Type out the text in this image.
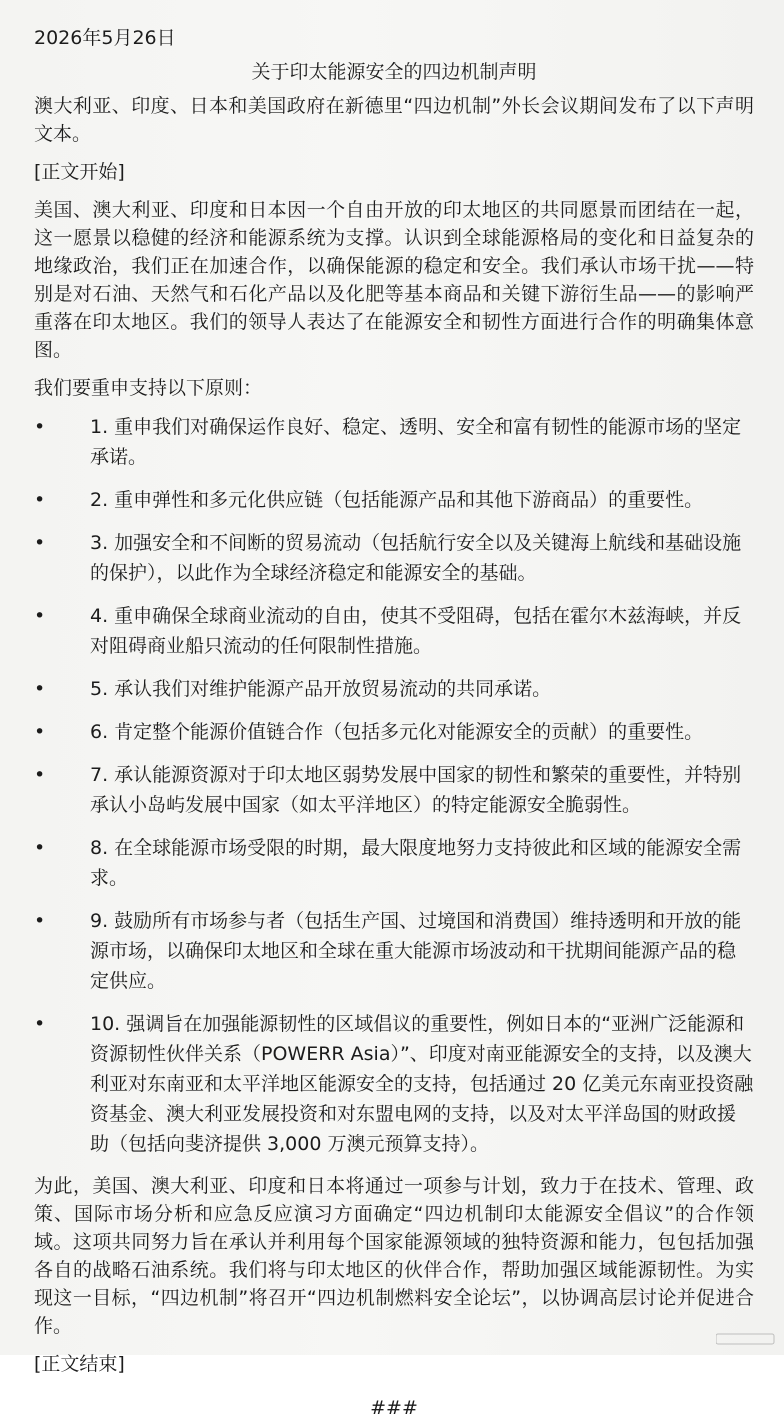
2026年5月26日
关于印太能源安全的四边机制声明

澳大利亚、印度、日本和美国政府在新德里“四边机制”外长会议期间发布了以下声明文本。

[正文开始]

美国、澳大利亚、印度和日本因一个自由开放的印太地区的共同愿景而团结在一起，这一愿景以稳健的经济和能源系统为支撑。认识到全球能源格局的变化和日益复杂的地缘政治，我们正在加速合作，以确保能源的稳定和安全。我们承认市场干扰——特别是对石油、天然气和石化产品以及化肥等基本商品和关键下游衍生品——的影响严重落在印太地区。我们的领导人表达了在能源安全和韧性方面进行合作的明确集体意图。

我们要重申支持以下原则：

•	1. 重申我们对确保运作良好、稳定、透明、安全和富有韧性的能源市场的坚定承诺。
•	2. 重申弹性和多元化供应链（包括能源产品和其他下游商品）的重要性。
•	3. 加强安全和不间断的贸易流动（包括航行安全以及关键海上航线和基础设施的保护），以此作为全球经济稳定和能源安全的基础。
•	4. 重申确保全球商业流动的自由，使其不受阻碍，包括在霍尔木兹海峡，并反对阻碍商业船只流动的任何限制性措施。
•	5. 承认我们对维护能源产品开放贸易流动的共同承诺。
•	6. 肯定整个能源价值链合作（包括多元化对能源安全的贡献）的重要性。
•	7. 承认能源资源对于印太地区弱势发展中国家的韧性和繁荣的重要性，并特别承认小岛屿发展中国家（如太平洋地区）的特定能源安全脆弱性。
•	8. 在全球能源市场受限的时期，最大限度地努力支持彼此和区域的能源安全需求。
•	9. 鼓励所有市场参与者（包括生产国、过境国和消费国）维持透明和开放的能源市场，以确保印太地区和全球在重大能源市场波动和干扰期间能源产品的稳定供应。
•	10. 强调旨在加强能源韧性的区域倡议的重要性，例如日本的“亚洲广泛能源和资源韧性伙伴关系（POWERR Asia）”、印度对南亚能源安全的支持，以及澳大利亚对东南亚和太平洋地区能源安全的支持，包括通过 20 亿美元东南亚投资融资基金、澳大利亚发展投资和对东盟电网的支持，以及对太平洋岛国的财政援助（包括向斐济提供 3,000 万澳元预算支持）。

为此，美国、澳大利亚、印度和日本将通过一项参与计划，致力于在技术、管理、政策、国际市场分析和应急反应演习方面确定“四边机制印太能源安全倡议”的合作领域。这项共同努力旨在承认并利用每个国家能源领域的独特资源和能力，包包括加强各自的战略石油系统。我们将与印太地区的伙伴合作，帮助加强区域能源韧性。为实现这一目标，“四边机制”将召开“四边机制燃料安全论坛”，以协调高层讨论并促进合作。

[正文结束]
###
